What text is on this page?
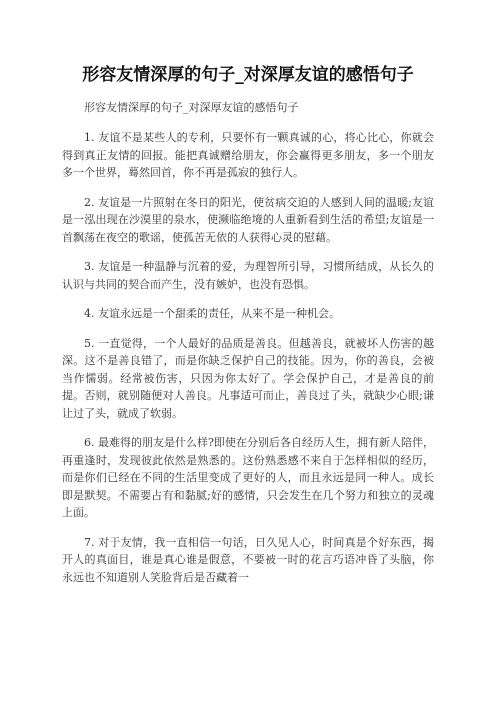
形容友情深厚的句子_对深厚友谊的感悟句子

形容友情深厚的句子_对深厚友谊的感悟句子

1. 友谊不是某些人的专利，只要怀有一颗真诚的心，将心比心，你就会得到真正友情的回报。能把真诚赠给朋友，你会赢得更多朋友，多一个朋友多一个世界，蓦然回首，你不再是孤寂的独行人。

2. 友谊是一片照射在冬日的阳光，使贫病交迫的人感到人间的温暖;友谊是一泓出现在沙漠里的泉水，使濒临绝境的人重新看到生活的希望;友谊是一首飘荡在夜空的歌谣，使孤苦无依的人获得心灵的慰藉。

3. 友谊是一种温静与沉着的爱，为理智所引导，习惯所结成，从长久的认识与共同的契合而产生，没有嫉妒，也没有恐惧。

4. 友谊永远是一个甜柔的责任，从来不是一种机会。

5. 一直觉得，一个人最好的品质是善良。但越善良，就被坏人伤害的越深。这不是善良错了，而是你缺乏保护自己的技能。因为，你的善良，会被当作懦弱。经常被伤害，只因为你太好了。学会保护自己，才是善良的前提。否则，就别随便对人善良。凡事适可而止，善良过了头，就缺少心眼;谦让过了头，就成了软弱。

6. 最难得的朋友是什么样?即使在分别后各自经历人生，拥有新人陪伴，再重逢时，发现彼此依然是熟悉的。这份熟悉感不来自于怎样相似的经历，而是你们已经在不同的生活里变成了更好的人，而且永远是同一种人。成长即是默契。不需要占有和黏腻;好的感情，只会发生在几个努力和独立的灵魂上面。

7. 对于友情，我一直相信一句话，日久见人心，时间真是个好东西，揭开人的真面目，谁是真心谁是假意，不要被一时的花言巧语冲昏了头脑，你永远也不知道别人笑脸背后是否藏着一
